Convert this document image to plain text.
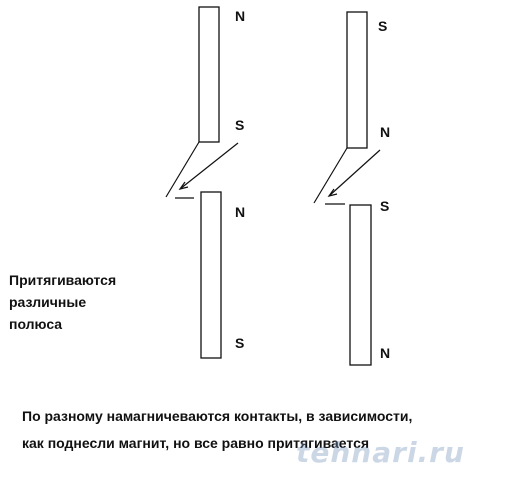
N
S
N
S
S
N
S
N

Притягиваются

различные

полюса

По разному намагничеваются контакты, в зависимости,

как поднесли магнит, но все равно притягивается

tehnari.ru
